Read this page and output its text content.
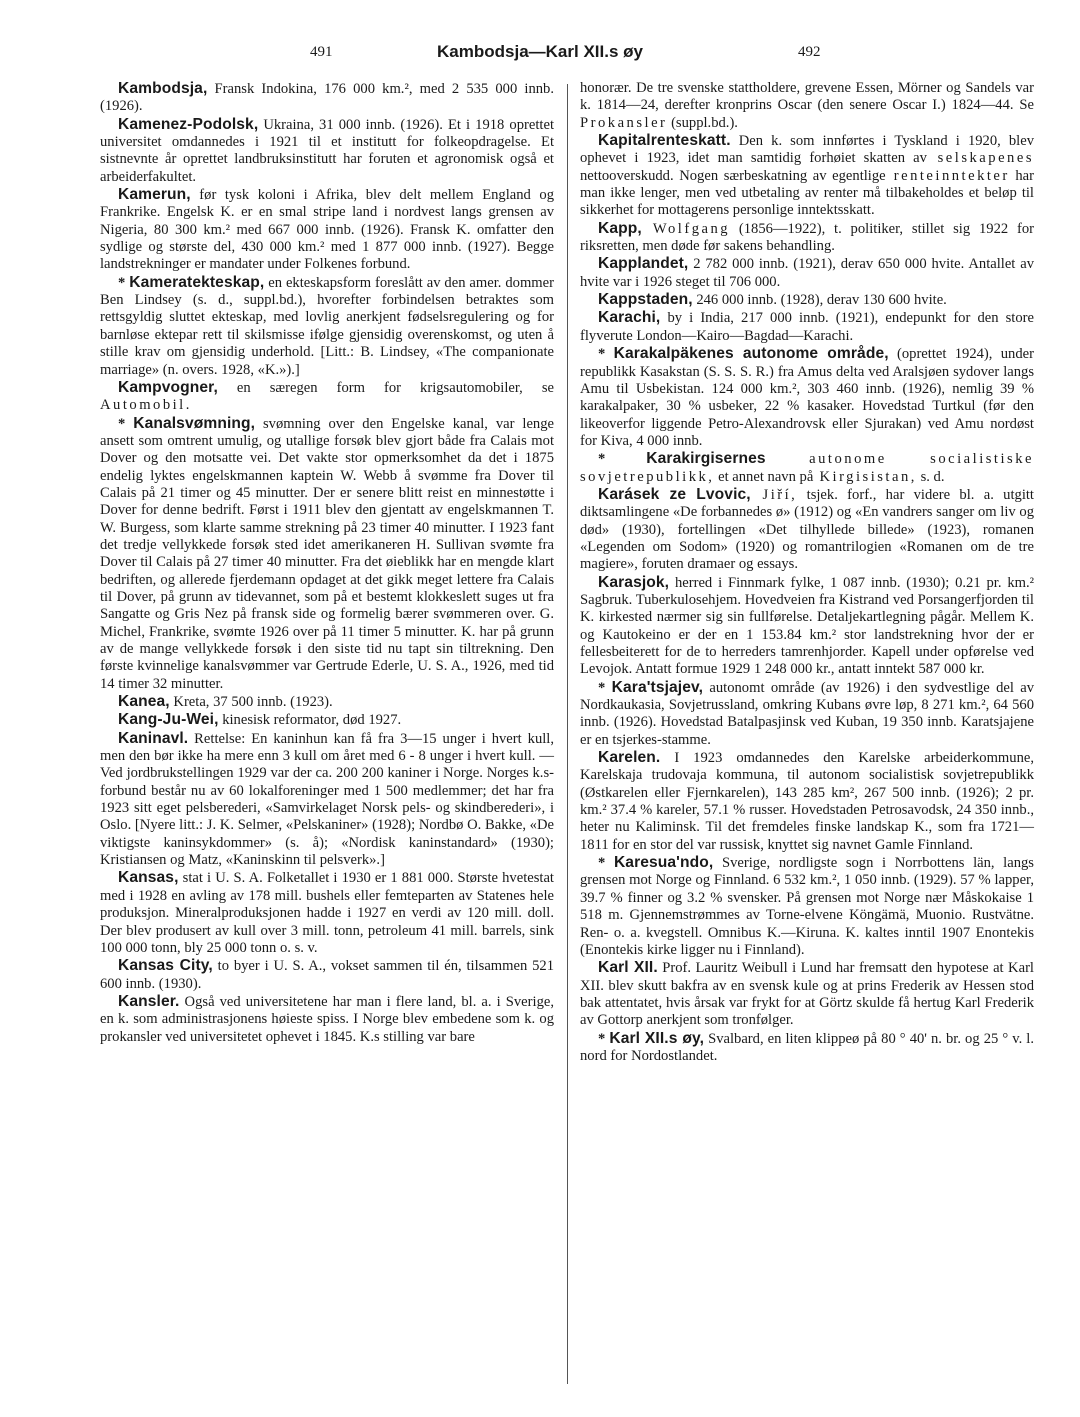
491	Kambodsja—Karl XII.s øy	492

Kambodsja, Fransk Indokina, 176 000 km.², med 2 535 000 innb. (1926).

Kamenez-Podolsk, Ukraina, 31 000 innb. (1926). Et i 1918 oprettet universitet omdannedes i 1921 til et institutt for folkeopdragelse. Et sistnevnte år oprettet landbruksinstitutt har foruten et agronomisk også et arbeiderfakultet.

Kamerun, før tysk koloni i Afrika, blev delt mellem England og Frankrike. Engelsk K. er en smal stripe land i nordvest langs grensen av Nigeria, 80 300 km.² med 667 000 innb. (1926). Fransk K. omfatter den sydlige og største del, 430 000 km.² med 1 877 000 innb. (1927). Begge landstrekninger er mandater under Folkenes forbund.

* Kameratekteskap, en ekteskapsform foreslått av den amer. dommer Ben Lindsey (s. d., suppl.bd.), hvorefter forbindelsen betraktes som rettsgyldig sluttet ekteskap, med lovlig anerkjent fødselsregulering og for barnløse ektepar rett til skilsmisse ifølge gjensidig overenskomst, og uten å stille krav om gjensidig underhold. [Litt.: B. Lindsey, «The companionate marriage» (n. overs. 1928, «K.»).]

Kampvogner, en særegen form for krigsautomobiler, se Automobil.

* Kanalsvømning, svømning over den Engelske kanal, var lenge ansett som omtrent umulig, og utallige forsøk blev gjort både fra Calais mot Dover og den motsatte vei. Det vakte stor opmerksomhet da det i 1875 endelig lyktes engelskmannen kaptein W. Webb å svømme fra Dover til Calais på 21 timer og 45 minutter. Der er senere blitt reist en minnestøtte i Dover for denne bedrift. Først i 1911 blev den gjentatt av engelskmannen T. W. Burgess, som klarte samme strekning på 23 timer 40 minutter. I 1923 fant det tredje vellykkede forsøk sted idet amerikaneren H. Sullivan svømte fra Dover til Calais på 27 timer 40 minutter. Fra det øieblikk har en mengde klart bedriften, og allerede fjerdemann opdaget at det gikk meget lettere fra Calais til Dover, på grunn av tidevannet, som på et bestemt klokkeslett suges ut fra Sangatte og Gris Nez på fransk side og formelig bærer svømmeren over. G. Michel, Frankrike, svømte 1926 over på 11 timer 5 minutter. K. har på grunn av de mange vellykkede forsøk i den siste tid nu tapt sin tiltrekning. Den første kvinnelige kanalsvømmer var Gertrude Ederle, U. S. A., 1926, med tid 14 timer 32 minutter.

Kanea, Kreta, 37 500 innb. (1923).

Kang-Ju-Wei, kinesisk reformator, død 1927.

Kaninavl. Rettelse: En kaninhun kan få fra 3—15 unger i hvert kull, men den bør ikke ha mere enn 3 kull om året med 6 - 8 unger i hvert kull. — Ved jordbrukstellingen 1929 var der ca. 200 200 kaniner i Norge. Norges k.s-forbund består nu av 60 lokalforeninger med 1 500 medlemmer; det har fra 1923 sitt eget pelsberederi, «Samvirkelaget Norsk pels- og skindberederi», i Oslo. [Nyere litt.: J. K. Selmer, «Pelskaniner» (1928); Nordbø O. Bakke, «De viktigste kaninsykdommer» (s. å); «Nordisk kaninstandard» (1930); Kristiansen og Matz, «Kaninskinn til pelsverk».]

Kansas, stat i U. S. A. Folketallet i 1930 er 1 881 000. Største hvetestat med i 1928 en avling av 178 mill. bushels eller femteparten av Statenes hele produksjon. Mineralproduksjonen hadde i 1927 en verdi av 120 mill. doll. Der blev produsert av kull over 3 mill. tonn, petroleum 41 mill. barrels, sink 100 000 tonn, bly 25 000 tonn o. s. v.

Kansas City, to byer i U. S. A., vokset sammen til én, tilsammen 521 600 innb. (1930).

Kansler. Også ved universitetene har man i flere land, bl. a. i Sverige, en k. som administrasjonens høieste spiss. I Norge blev embedene som k. og prokansler ved universitetet ophevet i 1845. K.s stilling var bare

honorær. De tre svenske stattholdere, grevene Essen, Mörner og Sandels var k. 1814—24, derefter kronprins Oscar (den senere Oscar I.) 1824—44. Se Prokansler (suppl.bd.).

Kapitalrenteskatt. Den k. som innførtes i Tyskland i 1920, blev ophevet i 1923, idet man samtidig forhøiet skatten av selskapenes nettooverskudd. Nogen særbeskatning av egentlige renteinntekter har man ikke lenger, men ved utbetaling av renter må tilbakeholdes et beløp til sikkerhet for mottagerens personlige inntektsskatt.

Kapp, Wolfgang (1856—1922), t. politiker, stillet sig 1922 for riksretten, men døde før sakens behandling.

Kapplandet, 2 782 000 innb. (1921), derav 650 000 hvite. Antallet av hvite var i 1926 steget til 706 000.

Kappstaden, 246 000 innb. (1928), derav 130 600 hvite.

Karachi, by i India, 217 000 innb. (1921), endepunkt for den store flyverute London—Kairo—Bagdad—Karachi.

* Karakalpäkenes autonome område, (oprettet 1924), under republikk Kasakstan (S. S. S. R.) fra Amus delta ved Aralsjøen sydover langs Amu til Usbekistan. 124 000 km.², 303 460 innb. (1926), nemlig 39 % karakalpaker, 30 % usbeker, 22 % kasaker. Hovedstad Turtkul (før den likeoverfor liggende Petro-Alexandrovsk eller Sjurakan) ved Amu nordøst for Kiva, 4 000 innb.

* Karakirgisernes autonome socialistiske sovjetrepublikk, et annet navn på Kirgisistan, s. d.

Karásek ze Lvovic, Jiří, tsjek. forf., har videre bl. a. utgitt diktsamlingene «De forbannedes ø» (1912) og «En vandrers sanger om liv og død» (1930), fortellingen «Det tilhyllede billede» (1923), romanen «Legenden om Sodom» (1920) og romantrilogien «Romanen om de tre magiere», foruten dramaer og essays.

Karasjok, herred i Finnmark fylke, 1 087 innb. (1930); 0.21 pr. km.² Sagbruk. Tuberkulosehjem. Hovedveien fra Kistrand ved Porsangerfjorden til K. kirkested nærmer sig sin fullførelse. Detaljekartlegning pågår. Mellem K. og Kautokeino er der en 1 153.84 km.² stor landstrekning hvor der er fellesbeiterett for de to herreders tamrenhjorder. Kapell under opførelse ved Levojok. Antatt formue 1929 1 248 000 kr., antatt inntekt 587 000 kr.

* Kara'tsjajev, autonomt område (av 1926) i den sydvestlige del av Nordkaukasia, Sovjetrussland, omkring Kubans øvre løp, 8 271 km.², 64 560 innb. (1926). Hovedstad Batalpasjinsk ved Kuban, 19 350 innb. Karatsjajene er en tsjerkes-stamme.

Karelen. I 1923 omdannedes den Karelske arbeiderkommune, Karelskaja trudovaja kommuna, til autonom socialistisk sovjetrepublikk (Østkarelen eller Fjernkarelen), 143 285 km², 267 500 innb. (1926); 2 pr. km.² 37.4 % kareler, 57.1 % russer. Hovedstaden Petrosavodsk, 24 350 innb., heter nu Kaliminsk. Til det fremdeles finske landskap K., som fra 1721—1811 for en stor del var russisk, knyttet sig navnet Gamle Finnland.

* Karesua'ndo, Sverige, nordligste sogn i Norrbottens län, langs grensen mot Norge og Finnland. 6 532 km.², 1 050 innb. (1929). 57 % lapper, 39.7 % finner og 3.2 % svensker. På grensen mot Norge nær Måskokaise 1 518 m. Gjennemstrømmes av Torne-elvene Köngämä, Muonio. Rustvätne. Ren- o. a. kvegstell. Omnibus K.—Kiruna. K. kaltes inntil 1907 Enontekis (Enontekis kirke ligger nu i Finnland).

Karl XII. Prof. Lauritz Weibull i Lund har fremsatt den hypotese at Karl XII. blev skutt bakfra av en svensk kule og at prins Frederik av Hessen stod bak attentatet, hvis årsak var frykt for at Görtz skulde få hertug Karl Frederik av Gottorp anerkjent som tronfølger.

* Karl XII.s øy, Svalbard, en liten klippeø på 80 ° 40' n. br. og 25 ° v. l. nord for Nordostlandet.
